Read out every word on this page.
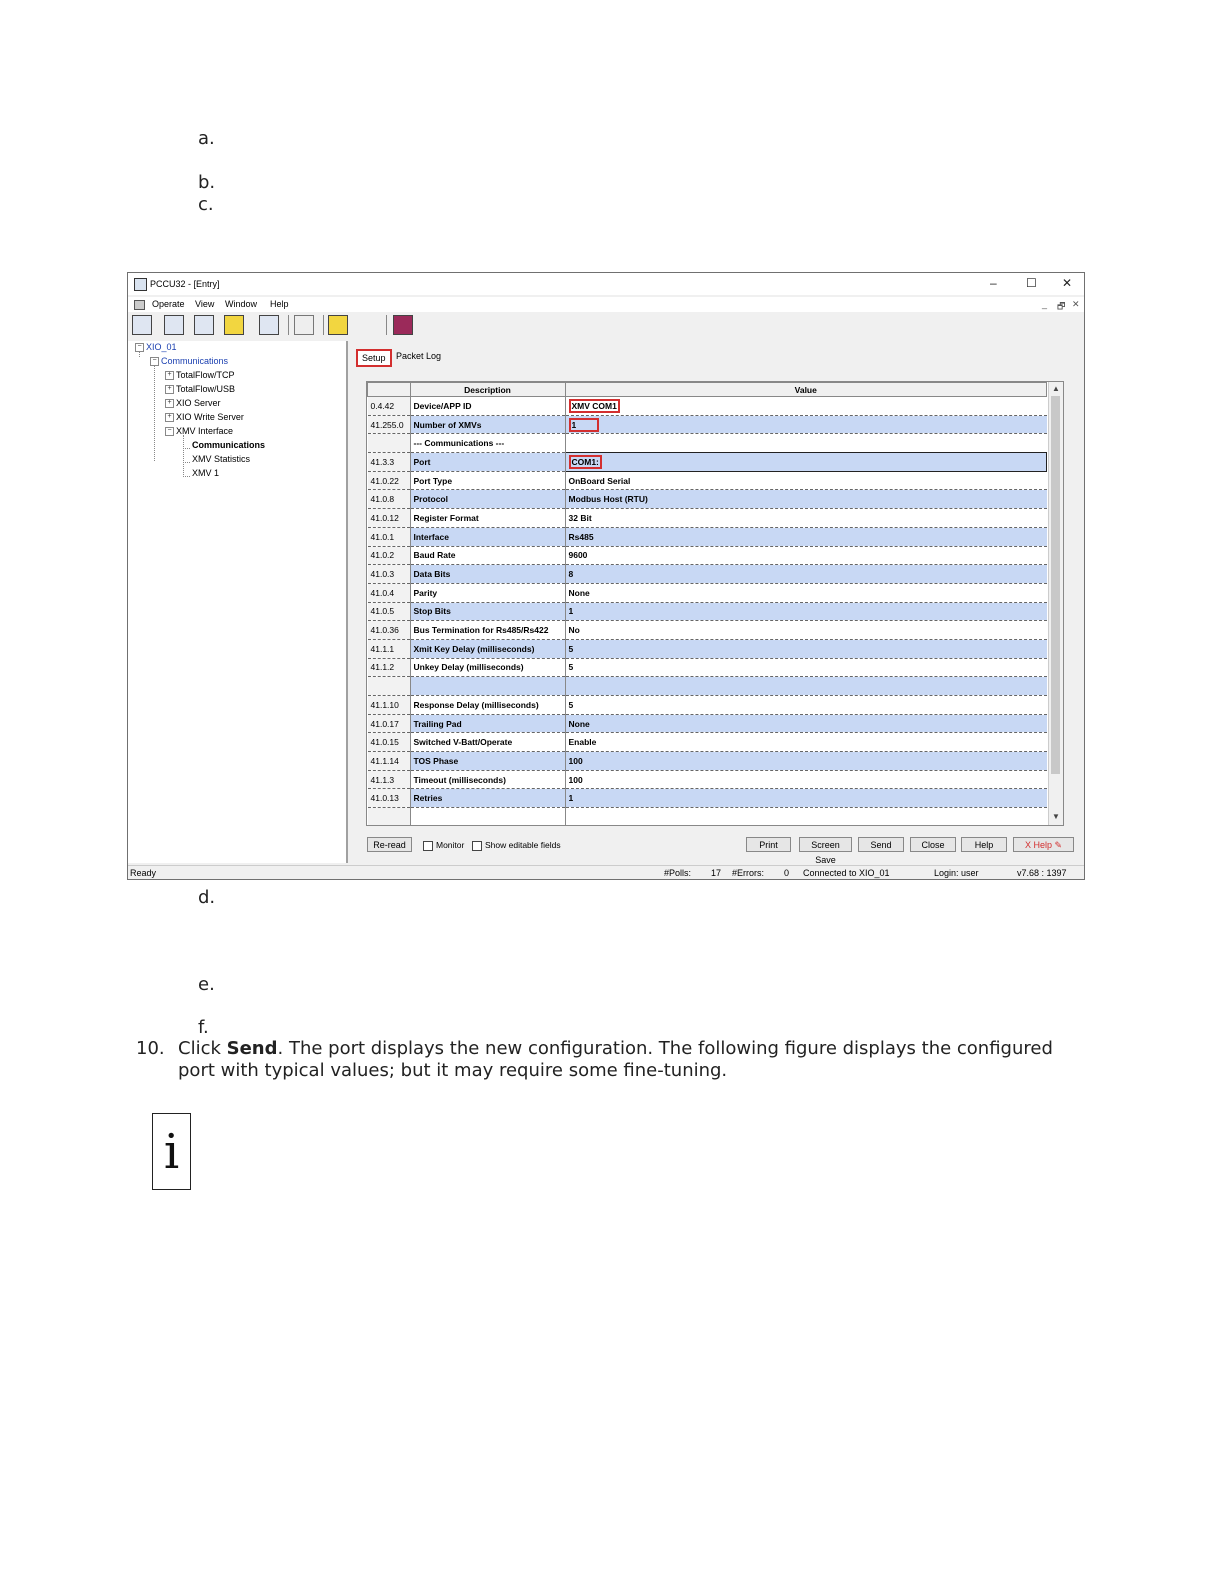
a.
b.
c.
PCCU32 - [Entry]	– ☐ ✕
Operate View Window Help	_ 🗗 ✕
− XIO_01
− Communications
+ TotalFlow/TCP
+ TotalFlow/USB
+ XIO Server
+ XIO Write Server
− XMV Interface
Communications
XMV Statistics
XMV 1
Setup	Packet Log
	Description	Value
0.4.42	Device/APP ID	XMV COM1
41.255.0	Number of XMVs	1
	--- Communications ---	
41.3.3	Port	COM1:
41.0.22	Port Type	OnBoard Serial
41.0.8	Protocol	Modbus Host (RTU)
41.0.12	Register Format	32 Bit
41.0.1	Interface	Rs485
41.0.2	Baud Rate	9600
41.0.3	Data Bits	8
41.0.4	Parity	None
41.0.5	Stop Bits	1
41.0.36	Bus Termination for Rs485/Rs422	No
41.1.1	Xmit Key Delay (milliseconds)	5
41.1.2	Unkey Delay (milliseconds)	5

41.1.10	Response Delay (milliseconds)	5
41.0.17	Trailing Pad	None
41.0.15	Switched V-Batt/Operate	Enable
41.1.14	TOS Phase	100
41.1.3	Timeout (milliseconds)	100
41.0.13	Retries	1

▲
▼
Re-read	Monitor	Show editable fields	Print	Screen Save
Send	Close	Help	X Help ✎
Ready	#Polls: 17 #Errors: 0 Connected to XIO_01	Login: user	v7.68 : 1397
d.
e.
f.
10. Click Send. The port displays the new configuration. The following figure displays the configured port with typical values; but it may require some fine-tuning.
i
